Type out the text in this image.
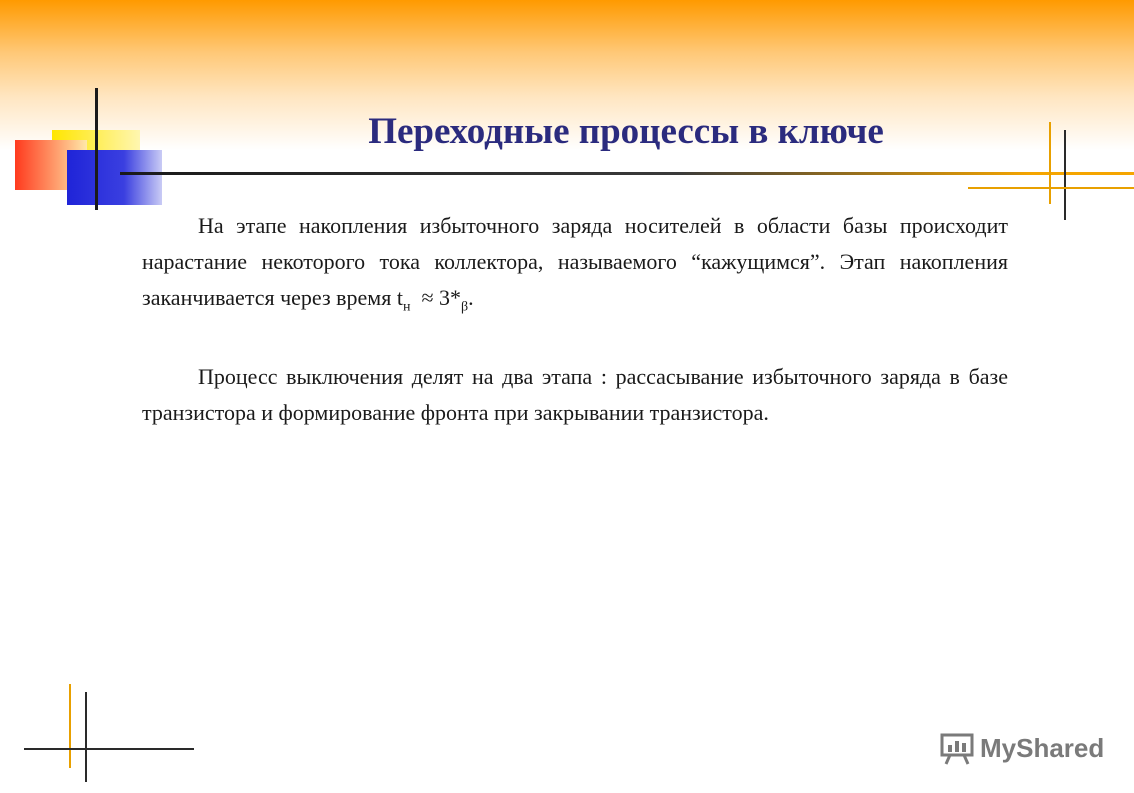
Переходные процессы в ключе

На этапе накопления избыточного заряда носителей в области базы происходит нарастание некоторого тока коллектора, называемого “кажущимся”. Этап накопления заканчивается через время $t_н \approx 3*_\beta$.

Процесс выключения делят на два этапа : рассасывание избыточного заряда в базе транзистора и формирование фронта при закрывании транзистора.

MyShared
